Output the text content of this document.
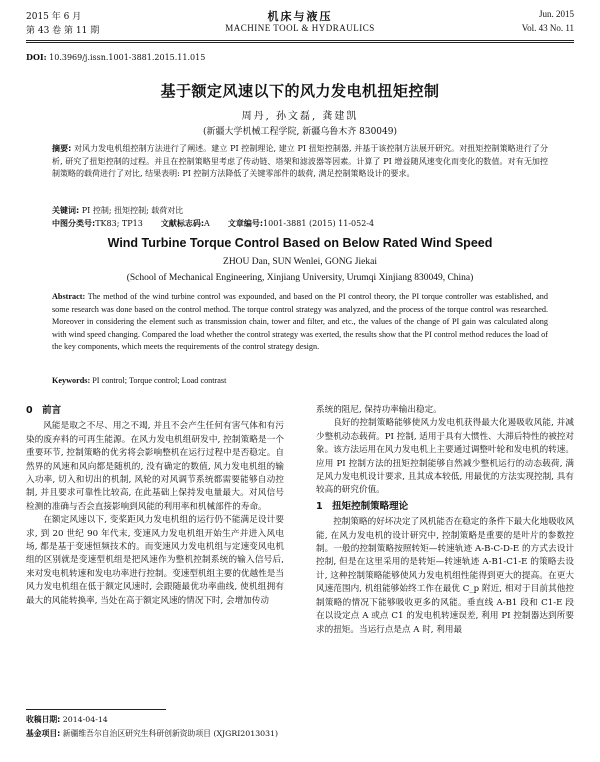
2015 年 6 月
第 43 卷 第 11 期
机床与液压
MACHINE TOOL & HYDRAULICS
Jun. 2015
Vol. 43 No. 11
DOI: 10.3969/j.issn.1001-3881.2015.11.015
基于额定风速以下的风力发电机扭矩控制
周丹, 孙文磊, 龚建凯
(新疆大学机械工程学院, 新疆乌鲁木齐 830049)
摘要: 对风力发电机组控制方法进行了阐述。建立 PI 控制理论, 建立 PI 扭矩控制器, 并基于该控制方法展开研究。对扭矩控制策略进行了分析, 研究了扭矩控制的过程。并且在控制策略里考虑了传动链、塔架和滤波器等因素。计算了 PI 增益随风速变化而变化的数值。对有无加控制策略的载荷进行了对比, 结果表明: PI 控制方法降低了关键零部件的载荷, 满足控制策略设计的要求。
关键词: PI 控制; 扭矩控制; 载荷对比
中图分类号:TK83; TP13 文献标志码:A 文章编号:1001-3881 (2015) 11-052-4
Wind Turbine Torque Control Based on Below Rated Wind Speed
ZHOU Dan, SUN Wenlei, GONG Jiekai
(School of Mechanical Engineering, Xinjiang University, Urumqi Xinjiang 830049, China)
Abstract: The method of the wind turbine control was expounded, and based on the PI control theory, the PI torque controller was established, and some research was done based on the control method. The torque control strategy was analyzed, and the process of the torque control was researched. Moreover in considering the element such as transmission chain, tower and filter, and etc., the values of the change of PI gain was calculated along with wind speed changing. Compared the load whether the control strategy was exerted, the results show that the PI control method reduces the load of the key components, which meets the requirements of the control strategy design.
Keywords: PI control; Torque control; Load contrast
0　前言

风能是取之不尽、用之不竭, 并且不会产生任何有害气体和有污染的废弃料的可再生能源。在风力发电机组研发中, 控制策略是一个重要环节, 控制策略的优劣将会影响整机在运行过程中是否稳定。自然界的风速和风向都是随机的, 没有确定的数值, 风力发电机组的输入功率, 切入和切出的机制, 风轮的对风调节系统都需要能够自动控制, 并且要求可靠性比较高, 在此基础上保持发电量最大。对风信号检测的准确与否会直接影响到风能的利用率和机械部件的寿命。

在额定风速以下, 变桨距风力发电机组的运行仍不能满足设计要求, 到 20 世纪 90 年代末, 变速风力发电机组开始生产并进入风电场, 都是基于变速恒频技术的。而变速风力发电机组与定速变风电机组的区别就是变速型机组是把风速作为整机控制系统的输入信号后, 来对发电机转速和发电功率进行控制。变速型机组主要的优越性是当风力发电机组在低于额定风速时, 会跟随最优功率曲线, 使机组拥有最大的风能转换率, 当处在高于额定风速的情况下时, 会增加传动

系统的阻尼, 保持功率输出稳定。

良好的控制策略能够使风力发电机获得最大化遏吸收风能, 并减少整机动态载荷。PI 控制, 适用于具有大惯性、大滞后特性的被控对象。该方法运用在风力发电机上主要通过调整叶轮和发电机的转速。应用 PI 控制方法的扭矩控制能够自然减少整机运行的动态载荷, 满足风力发电机设计要求, 且其成本较低, 用最优的方法实现控制, 具有较高的研究价值。

1　扭矩控制策略理论

控制策略的好坏决定了风机能否在稳定的条件下最大化地吸收风能, 在风力发电机的设计研究中, 控制策略是重要的是叶片的参数控制。一般的控制策略按照转矩—转速轨迹 A-B-C-D-E 的方式去设计控制, 但是在这里采用的是转矩—转速轨迹 A-B1-C1-E 的策略去设计, 这种控制策略能够使风力发电机组性能得到更大的提高。在更大风速范围内, 机组能够始终工作在最优 C_p 附近, 相对于目前其他控制策略的情况下能够吸收更多的风能。垂直线 A-B1 段和 C1-E 段在以设定点 A 或点 C1 的发电机转速误差, 利用 PI 控制器达到所要求的扭矩。当运行点是点 A 时, 利用最

收稿日期: 2014-04-14
基金项目: 新疆维吾尔自治区研究生科研创新资助项目 (XJGRI2013031)
